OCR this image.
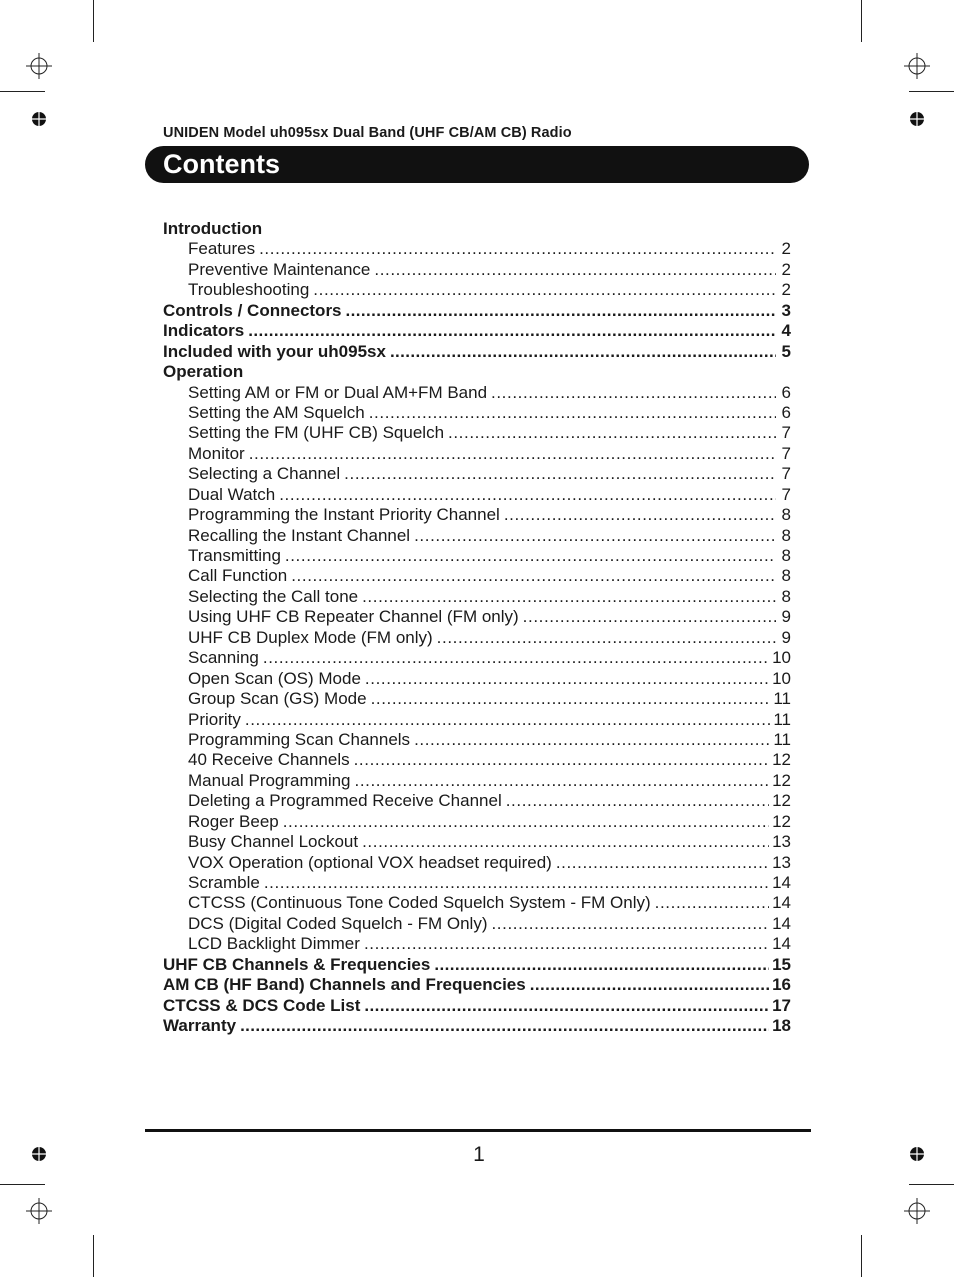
UNIDEN Model uh095sx Dual Band (UHF CB/AM CB) Radio
Contents
Introduction
Features .....	2
Preventive Maintenance .....	2
Troubleshooting .....	2
Controls / Connectors .....	3
Indicators .....	4
Included with your uh095sx .....	5
Operation
Setting AM or FM or Dual AM+FM Band .....	6
Setting the AM Squelch .....	6
Setting the FM (UHF CB) Squelch .....	7
Monitor .....	7
Selecting a Channel .....	7
Dual Watch .....	7
Programming the Instant Priority Channel .....	8
Recalling the Instant Channel .....	8
Transmitting .....	8
Call Function .....	8
Selecting the Call tone .....	8
Using UHF CB Repeater Channel (FM only) .....	9
UHF CB Duplex Mode (FM only) .....	9
Scanning .....	10
Open Scan (OS) Mode .....	10
Group Scan (GS) Mode .....	11
Priority .....	11
Programming Scan Channels .....	11
40 Receive Channels .....	12
Manual Programming .....	12
Deleting a Programmed Receive Channel .....	12
Roger Beep .....	12
Busy Channel Lockout .....	13
VOX Operation (optional VOX headset required) .....	13
Scramble .....	14
CTCSS (Continuous Tone Coded Squelch System - FM Only) .....	14
DCS (Digital Coded Squelch - FM Only) .....	14
LCD Backlight Dimmer .....	14
UHF CB Channels & Frequencies .....	15
AM CB (HF Band) Channels and Frequencies .....	16
CTCSS & DCS Code List .....	17
Warranty .....	18
1
